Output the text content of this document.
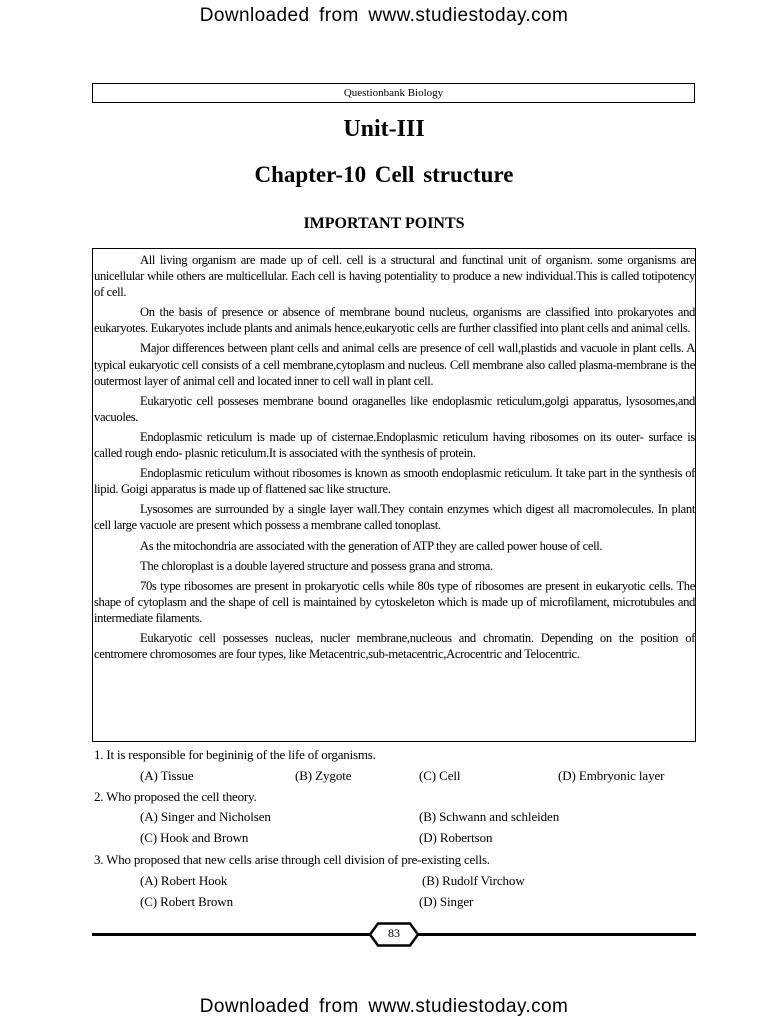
Downloaded from www.studiestoday.com
Questionbank Biology
Unit-III
Chapter-10 Cell structure
IMPORTANT POINTS

All living organism are made up of cell. cell is a structural and functinal unit of organism. some organisms are unicellular while others are multicellular. Each cell is having potentiality to produce a new individual.This is called totipotency of cell.

On the basis of presence or absence of membrane bound nucleus, organisms are classified into prokaryotes and eukaryotes. Eukaryotes include plants and animals hence,eukaryotic cells are further classified into plant cells and animal cells.

Major differences between plant cells and animal cells are presence of cell wall,plastids and vacuole in plant cells. A typical eukaryotic cell consists of a cell membrane,cytoplasm and nucleus. Cell membrane also called plasma-membrane is the outermost layer of animal cell and located inner to cell wall in plant cell.

Eukaryotic cell posseses membrane bound oraganelles like endoplasmic reticulum,golgi apparatus, lysosomes,and vacuoles.

Endoplasmic reticulum is made up of cisternae.Endoplasmic reticulum having ribosomes on its outer- surface is called rough endo- plasnic reticulum.It is associated with the synthesis of protein.

Endoplasmic reticulum without ribosomes is known as smooth endoplasmic reticulum. It take part in the synthesis of lipid. Goigi apparatus is made up of flattened sac like structure.

Lysosomes are surrounded by a single layer wall.They contain enzymes which digest all macromolecules. In plant cell large vacuole are present which possess a membrane called tonoplast.

As the mitochondria are associated with the generation of ATP they are called power house of cell.

The chloroplast is a double layered structure and possess grana and stroma.

70s type ribosomes are present in prokaryotic cells while 80s type of ribosomes are present in eukaryotic cells. The shape of cytoplasm and the shape of cell is maintained by cytoskeleton which is made up of microfilament, microtubules and intermediate filaments.

Eukaryotic cell possesses nucleas, nucler membrane,nucleous and chromatin. Depending on the position of centromere chromosomes are four types, like Metacentric,sub-metacentric,Acrocentric and Telocentric.

1. It is responsible for begininig of the life of organisms.
(A) Tissue	(B) Zygote	(C) Cell	(D) Embryonic layer
2. Who proposed the cell theory.
(A) Singer and Nicholsen	(B) Schwann and schleiden
(C) Hook and Brown	(D) Robertson
3. Who proposed that new cells arise through cell division of pre-existing cells.
(A) Robert Hook	(B) Rudolf Virchow
(C) Robert Brown	(D) Singer
83
Downloaded from www.studiestoday.com
